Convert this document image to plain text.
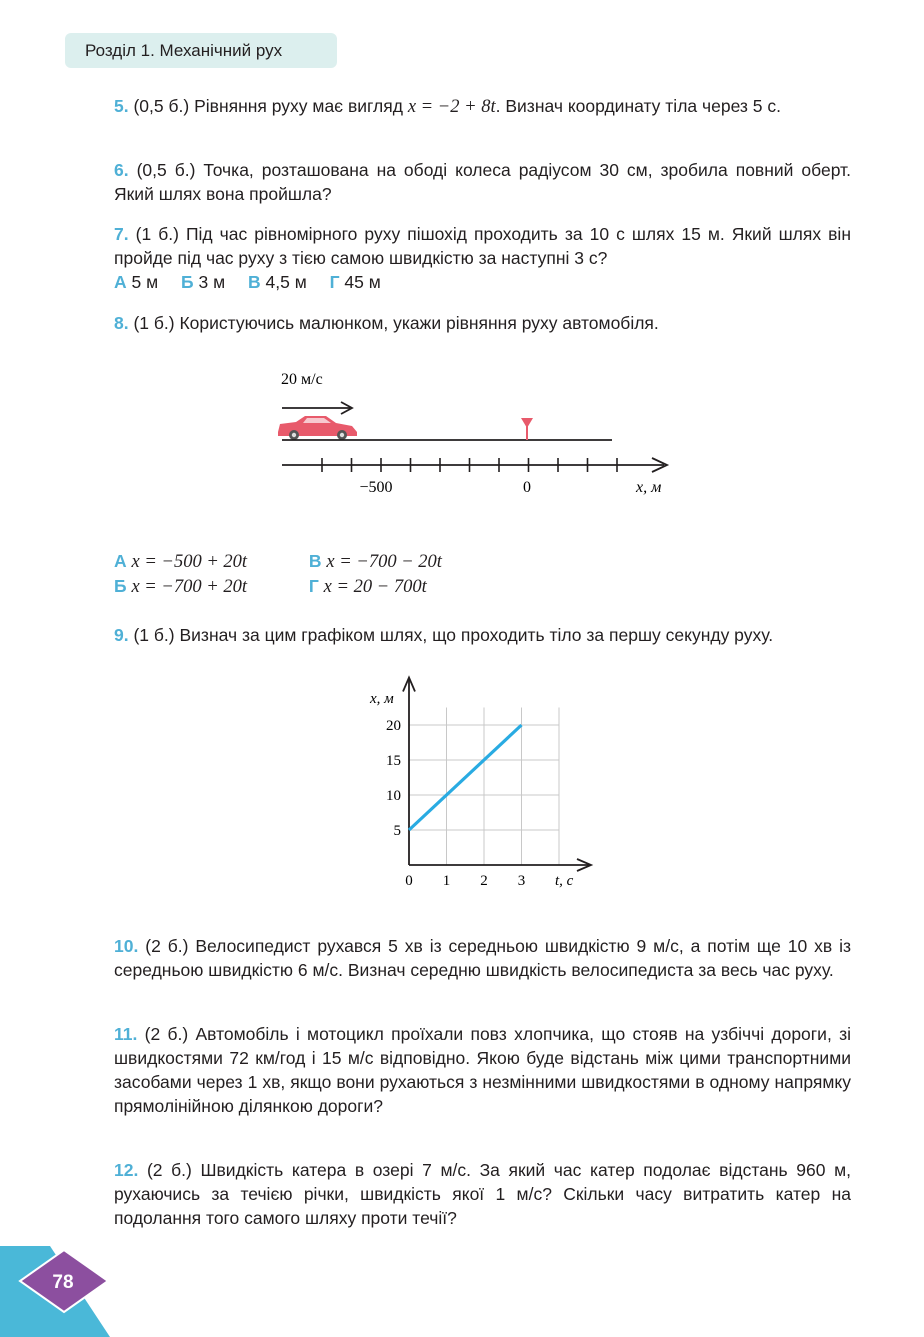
Розділ 1. Механічний рух
5. (0,5 б.) Рівняння руху має вигляд x = −2 + 8t. Визнач координату тіла через 5 с.
6. (0,5 б.) Точка, розташована на ободі колеса радіусом 30 см, зробила повний оберт. Який шлях вона пройшла?
7. (1 б.) Під час рівномірного руху пішохід проходить за 10 с шлях 15 м. Який шлях він пройде під час руху з тією самою швидкістю за наступні 3 с?
А 5 м Б 3 м В 4,5 м Г 45 м
8. (1 б.) Користуючись малюнком, укажи рівняння руху автомобіля.
20 м/с
−500	0	x, м
А x = −500 + 20t	В x = −700 − 20t
Б x = −700 + 20t	Г x = 20 − 700t
9. (1 б.) Визнач за цим графіком шлях, що проходить тіло за першу секунду руху.
0 1 2 3
5
10
15
20
x, м
t, с
10. (2 б.) Велосипедист рухався 5 хв із середньою швидкістю 9 м/с, а потім ще 10 хв із середньою швидкістю 6 м/с. Визнач середню швидкість велосипедиста за весь час руху.
11. (2 б.) Автомобіль і мотоцикл проїхали повз хлопчика, що стояв на узбіччі дороги, зі швидкостями 72 км/год і 15 м/с відповідно. Якою буде відстань між цими транспортними засобами через 1 хв, якщо вони рухаються з незмінними швидкостями в одному напрямку прямолінійною ділянкою дороги?
12. (2 б.) Швидкість катера в озері 7 м/с. За який час катер подолає відстань 960 м, рухаючись за течією річки, швидкість якої 1 м/с? Скільки часу витратить катер на подолання того самого шляху проти течії?
78
